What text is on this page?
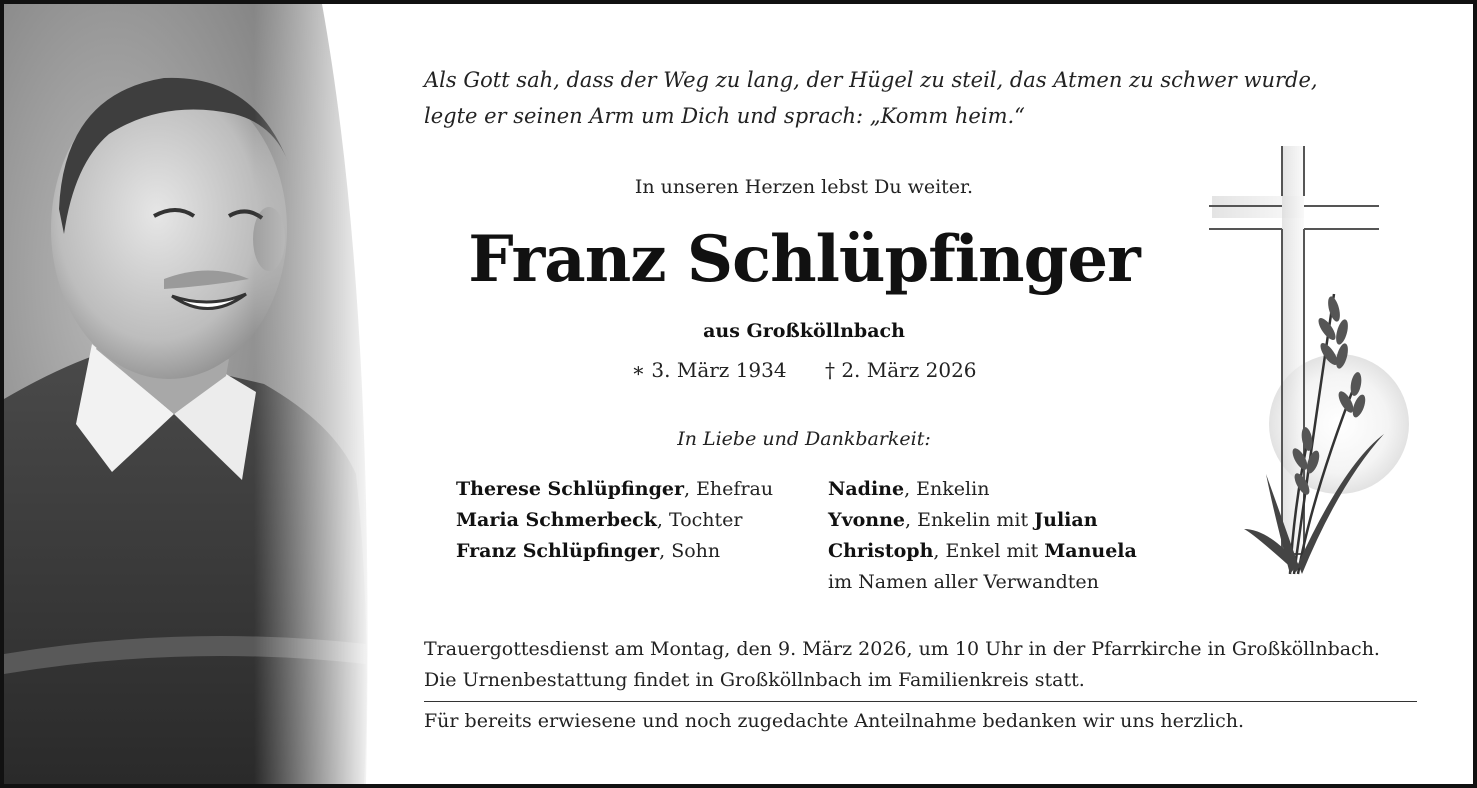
Als Gott sah, dass der Weg zu lang, der Hügel zu steil, das Atmen zu schwer wurde,
legte er seinen Arm um Dich und sprach: „Komm heim.“
In unseren Herzen lebst Du weiter.
Franz Schlüpfinger
aus Großköllnbach
∗ 3. März 1934 † 2. März 2026
In Liebe und Dankbarkeit:
Therese Schlüpfinger, Ehefrau
Maria Schmerbeck, Tochter
Franz Schlüpfinger, Sohn
Nadine, Enkelin
Yvonne, Enkelin mit Julian
Christoph, Enkel mit Manuela
im Namen aller Verwandten
Trauergottesdienst am Montag, den 9. März 2026, um 10 Uhr in der Pfarrkirche in Großköllnbach.
Die Urnenbestattung findet in Großköllnbach im Familienkreis statt.
Für bereits erwiesene und noch zugedachte Anteilnahme bedanken wir uns herzlich.
